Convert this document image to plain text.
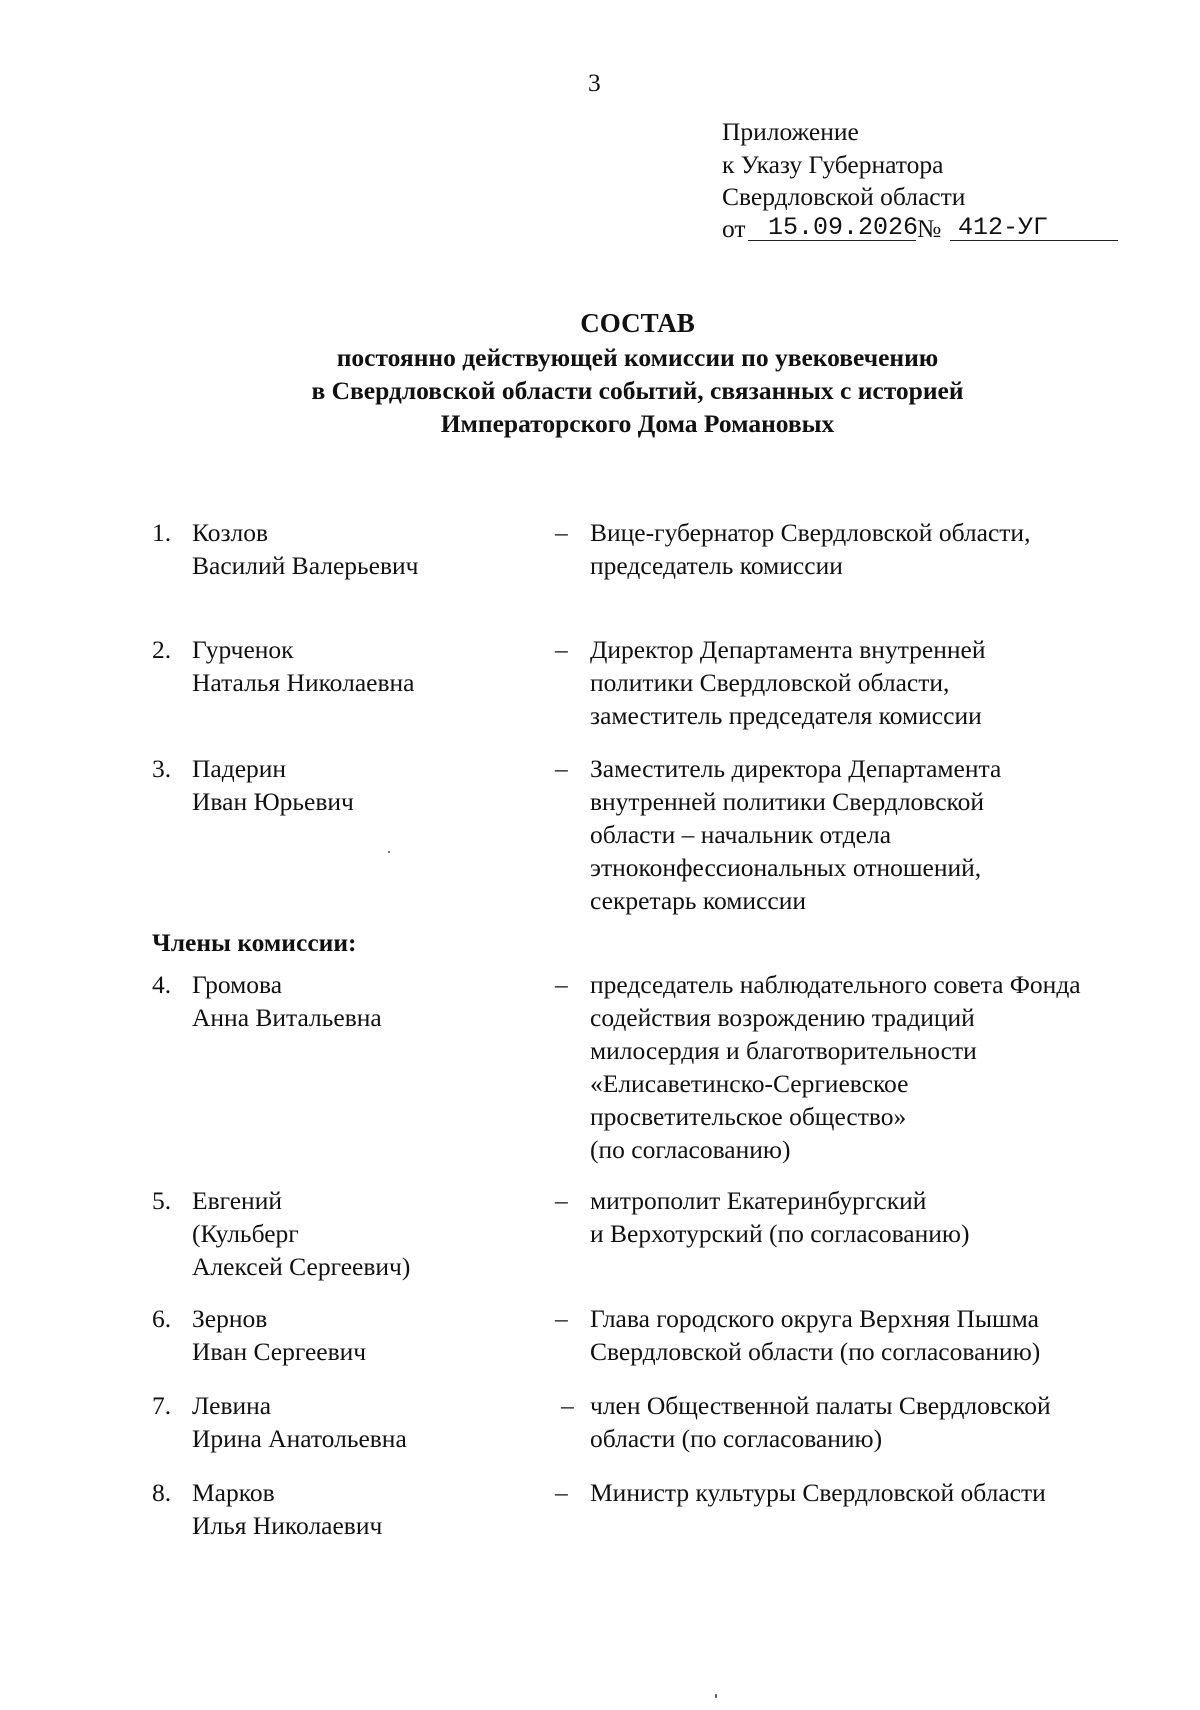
3
Приложение
к Указу Губернатора
Свердловской области
от 15.09.2026
№ 412-УГ
СОСТАВ
постоянно действующей комиссии по увековечению
в Свердловской области событий, связанных с историей
Императорского Дома Романовых
1. Козлов
Василий Валерьевич
– Вице-губернатор Свердловской области,
председатель комиссии
2. Гурченок
Наталья Николаевна
– Директор Департамента внутренней
политики Свердловской области,
заместитель председателя комиссии
3. Падерин
Иван Юрьевич
– Заместитель директора Департамента
внутренней политики Свердловской
области – начальник отдела
этноконфессиональных отношений,
секретарь комиссии
Члены комиссии:
4. Громова
Анна Витальевна
– председатель наблюдательного совета Фонда
содействия возрождению традиций
милосердия и благотворительности
«Елисаветинско-Сергиевское
просветительское общество»
(по согласованию)
5. Евгений
(Кульберг
Алексей Сергеевич)
– митрополит Екатеринбургский
и Верхотурский (по согласованию)
6. Зернов
Иван Сергеевич
– Глава городского округа Верхняя Пышма
Свердловской области (по согласованию)
7. Левина
Ирина Анатольевна
– член Общественной палаты Свердловской
области (по согласованию)
8. Марков
Илья Николаевич
– Министр культуры Свердловской области
